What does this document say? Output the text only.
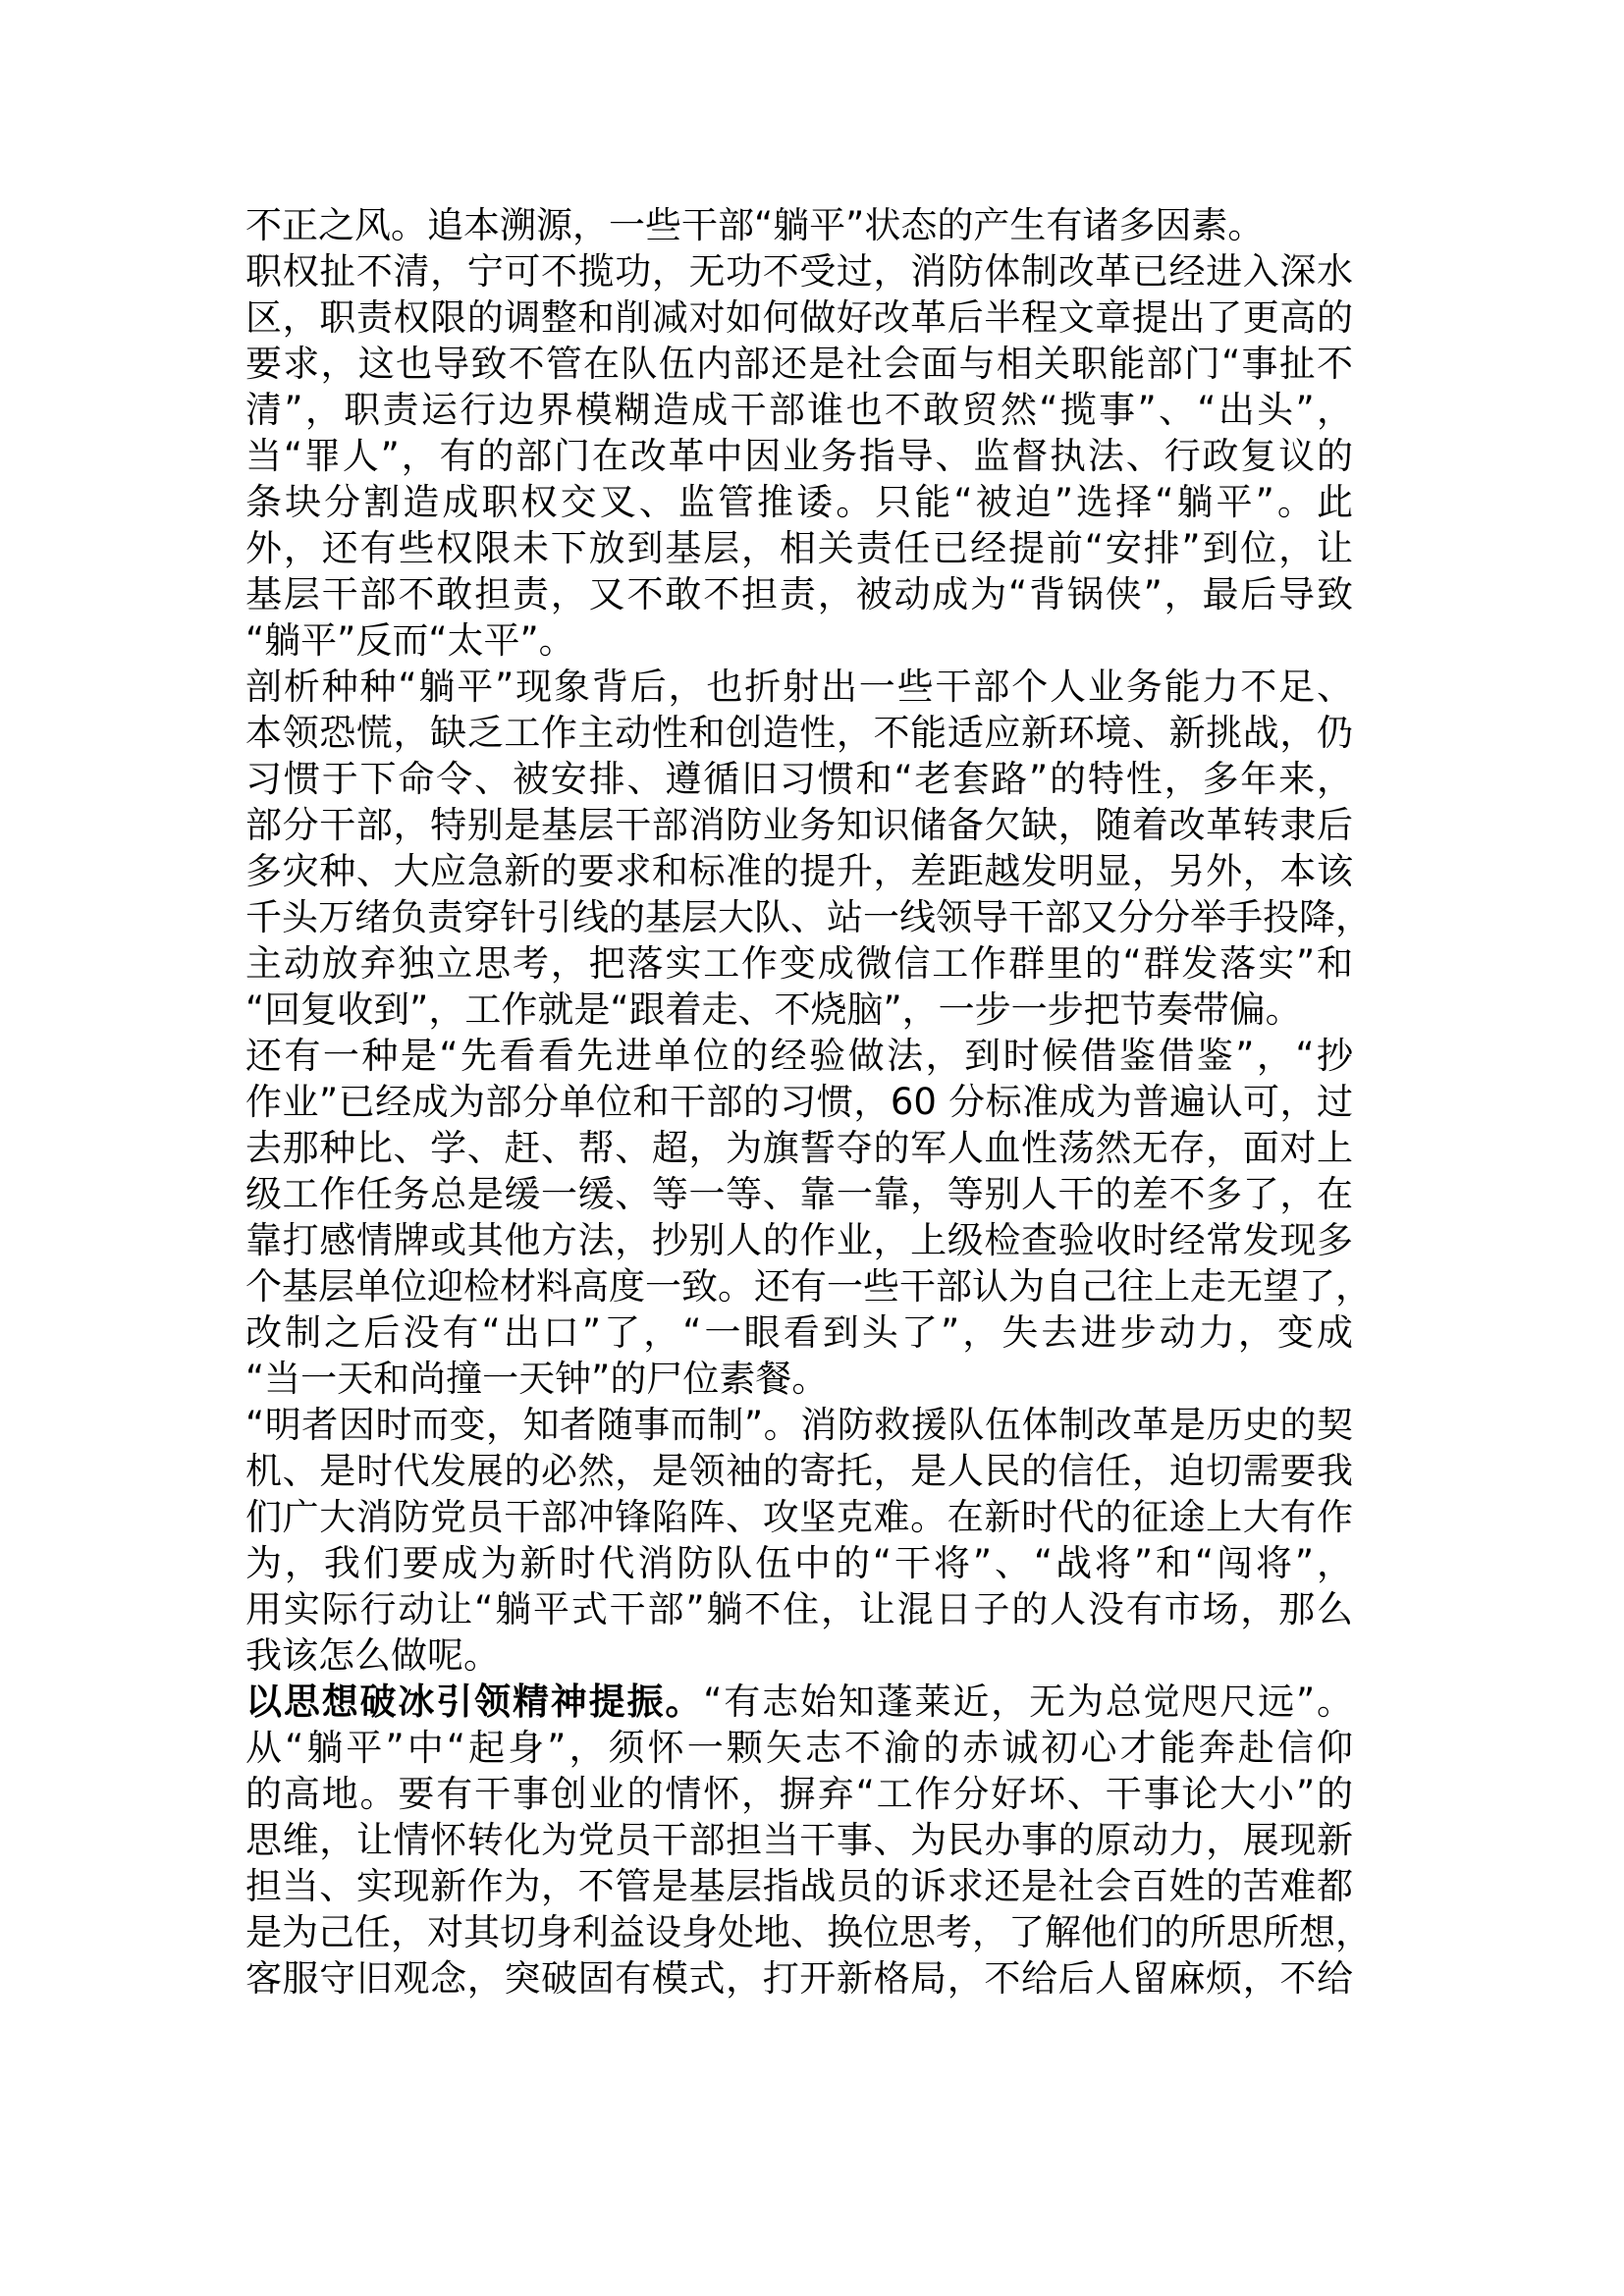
不正之风。追本溯源，一些干部“躺平”状态的产生有诸多因素。
职权扯不清，宁可不揽功，无功不受过，消防体制改革已经进入深水
区，职责权限的调整和削减对如何做好改革后半程文章提出了更高的
要求，这也导致不管在队伍内部还是社会面与相关职能部门“事扯不
清”，职责运行边界模糊造成干部谁也不敢贸然“揽事”、“出头”，
当“罪人”，有的部门在改革中因业务指导、监督执法、行政复议的
条块分割造成职权交叉、监管推诿。只能“被迫”选择“躺平”。此
外，还有些权限未下放到基层，相关责任已经提前“安排”到位，让
基层干部不敢担责，又不敢不担责，被动成为“背锅侠”，最后导致
“躺平”反而“太平”。
剖析种种“躺平”现象背后，也折射出一些干部个人业务能力不足、
本领恐慌，缺乏工作主动性和创造性，不能适应新环境、新挑战，仍
习惯于下命令、被安排、遵循旧习惯和“老套路”的特性，多年来，
部分干部，特别是基层干部消防业务知识储备欠缺，随着改革转隶后
多灾种、大应急新的要求和标准的提升，差距越发明显，另外，本该
千头万绪负责穿针引线的基层大队、站一线领导干部又分分举手投降，
主动放弃独立思考，把落实工作变成微信工作群里的“群发落实”和
“回复收到”，工作就是“跟着走、不烧脑”，一步一步把节奏带偏。
还有一种是“先看看先进单位的经验做法，到时候借鉴借鉴”，“抄
作业”已经成为部分单位和干部的习惯，60 分标准成为普遍认可，过
去那种比、学、赶、帮、超，为旗誓夺的军人血性荡然无存，面对上
级工作任务总是缓一缓、等一等、靠一靠，等别人干的差不多了，在
靠打感情牌或其他方法，抄别人的作业，上级检查验收时经常发现多
个基层单位迎检材料高度一致。还有一些干部认为自己往上走无望了，
改制之后没有“出口”了，“一眼看到头了”，失去进步动力，变成
“当一天和尚撞一天钟”的尸位素餐。
“明者因时而变，知者随事而制”。消防救援队伍体制改革是历史的契
机、是时代发展的必然，是领袖的寄托，是人民的信任，迫切需要我
们广大消防党员干部冲锋陷阵、攻坚克难。在新时代的征途上大有作
为，我们要成为新时代消防队伍中的“干将”、“战将”和“闯将”，
用实际行动让“躺平式干部”躺不住，让混日子的人没有市场，那么
我该怎么做呢。
以思想破冰引领精神提振。“有志始知蓬莱近，无为总觉咫尺远”。
从“躺平”中“起身”，须怀一颗矢志不渝的赤诚初心才能奔赴信仰
的高地。要有干事创业的情怀，摒弃“工作分好坏、干事论大小”的
思维，让情怀转化为党员干部担当干事、为民办事的原动力，展现新
担当、实现新作为，不管是基层指战员的诉求还是社会百姓的苦难都
是为己任，对其切身利益设身处地、换位思考，了解他们的所思所想，
客服守旧观念，突破固有模式，打开新格局，不给后人留麻烦，不给
